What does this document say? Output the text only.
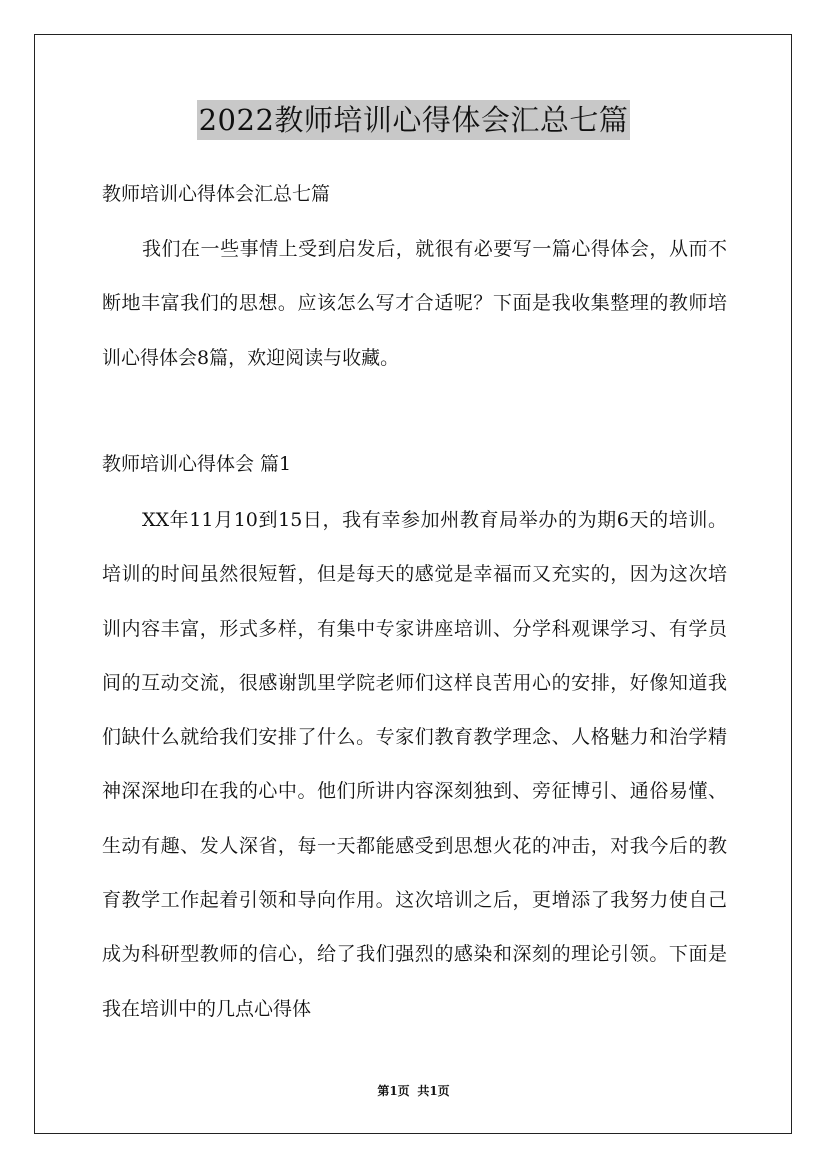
2022教师培训心得体会汇总七篇
教师培训心得体会汇总七篇
我们在一些事情上受到启发后，就很有必要写一篇心得体会，从而不断地丰富我们的思想。应该怎么写才合适呢？下面是我收集整理的教师培训心得体会8篇，欢迎阅读与收藏。
教师培训心得体会 篇1
XX年11月10到15日，我有幸参加州教育局举办的为期6天的培训。培训的时间虽然很短暂，但是每天的感觉是幸福而又充实的，因为这次培训内容丰富，形式多样，有集中专家讲座培训、分学科观课学习、有学员间的互动交流，很感谢凯里学院老师们这样良苦用心的安排，好像知道我们缺什么就给我们安排了什么。专家们教育教学理念、人格魅力和治学精神深深地印在我的心中。他们所讲内容深刻独到、旁征博引、通俗易懂、生动有趣、发人深省，每一天都能感受到思想火花的冲击，对我今后的教育教学工作起着引领和导向作用。这次培训之后，更增添了我努力使自己成为科研型教师的信心，给了我们强烈的感染和深刻的理论引领。下面是我在培训中的几点心得体
第1页 共1页
